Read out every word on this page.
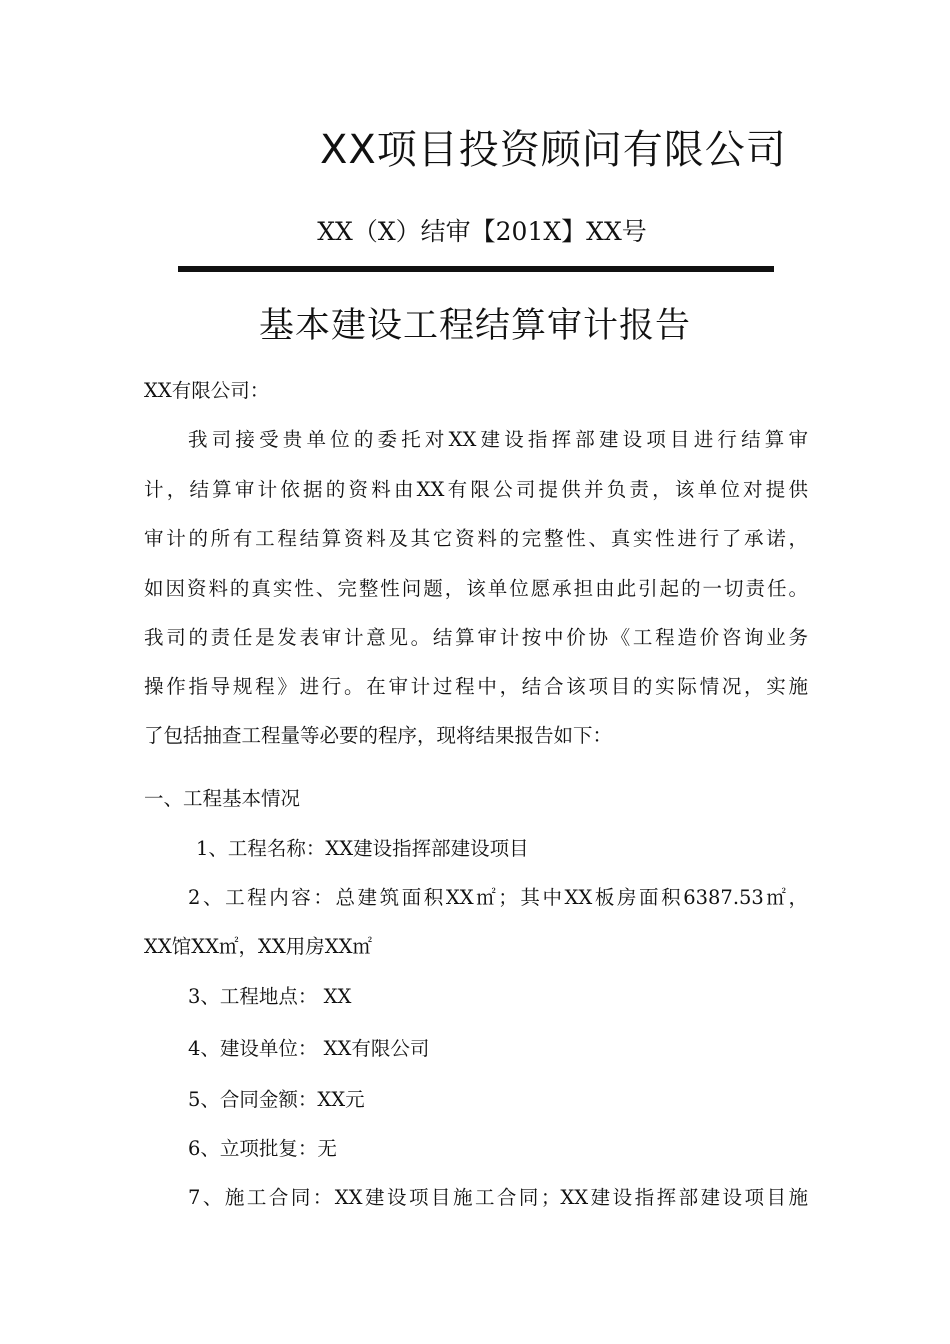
XX项目投资顾问有限公司
XX（X）结审【201X】XX号
基本建设工程结算审计报告
XX有限公司：
我司接受贵单位的委托对XX建设指挥部建设项目进行结算审
计，结算审计依据的资料由XX有限公司提供并负责，该单位对提供
审计的所有工程结算资料及其它资料的完整性、真实性进行了承诺，
如因资料的真实性、完整性问题，该单位愿承担由此引起的一切责任。
我司的责任是发表审计意见。结算审计按中价协《工程造价咨询业务
操作指导规程》进行。在审计过程中，结合该项目的实际情况，实施
了包括抽查工程量等必要的程序，现将结果报告如下：
一、工程基本情况
1、工程名称：XX建设指挥部建设项目
2、工程内容：总建筑面积XX㎡；其中XX板房面积6387.53㎡，
XX馆XX㎡，XX用房XX㎡
3、工程地点： XX
4、建设单位： XX有限公司
5、合同金额：XX元
6、立项批复：无
7、施工合同：XX建设项目施工合同；XX建设指挥部建设项目施
